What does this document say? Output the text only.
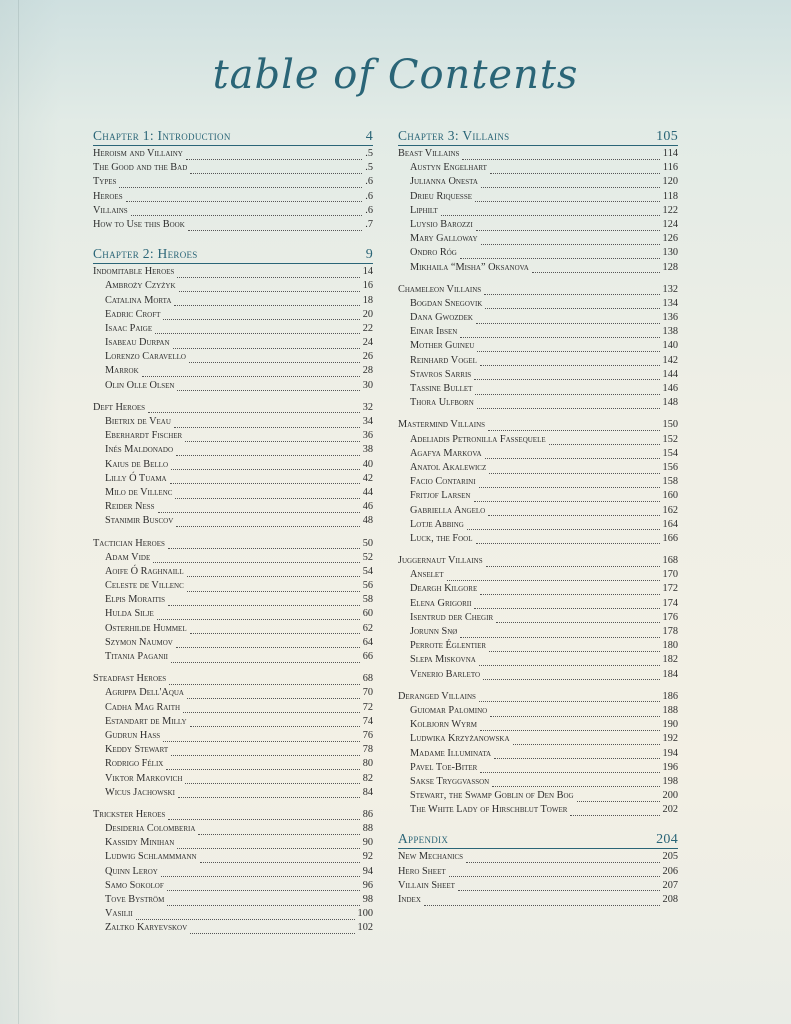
table of Contents
Chapter 1: Introduction	4
Heroism and Villainy	.5
The Good and the Bad	.5
Types	.6
Heroes	.6
Villains	.6
How to Use this Book	.7
Chapter 2: Heroes	9
Indomitable Heroes	14
Ambroży Czyżyk	16
Catalina Morta	18
Eadric Croft	20
Isaac Paige	22
Isabeau Durpan	24
Lorenzo Caravello	26
Marrok	28
Olin Olle Olsen	30
Deft Heroes	32
Bietrix de Veau	34
Eberhardt Fischer	36
Inés Maldonado	38
Kaius de Bello	40
Lilly Ó Tuama	42
Milo de Villenc	44
Reider Ness	46
Stanimir Buscov	48
Tactician Heroes	50
Adam Vide	52
Aoife Ó Raghnaill	54
Celeste de Villenc	56
Elpis Moraitis	58
Hulda Silje	60
Osterhilde Hummel	62
Szymon Naumov	64
Titania Paganii	66
Steadfast Heroes	68
Agrippa Dell'Aqua	70
Cadha Mag Raith	72
Estandart de Milly	74
Gudrun Hass	76
Keddy Stewart	78
Rodrigo Félix	80
Viktor Markovich	82
Wicus Jachowski	84
Trickster Heroes	86
Desideria Colomberia	88
Kassidy Minihan	90
Ludwig Schlammmann	92
Quinn Leroy	94
Samo Sokolof	96
Tove Byström	98
Vasilii	100
Zaltko Karyevskov	102
Chapter 3: Villains	105
Beast Villains	114
Austyn Engelhart	116
Julianna Onesta	120
Drieu Riquesse	118
Liphilt	122
Luysio Barozzi	124
Mary Galloway	126
Ondro Róg	130
Mikhaila “Misha” Oksanova	128
Chameleon Villains	132
Bogdan Snegovik	134
Dana Gwozdek	136
Einar Ibsen	138
Mother Guineu	140
Reinhard Vogel	142
Stavros Sarris	144
Tassine Bullet	146
Thora Ulfborn	148
Mastermind Villains	150
Adeliadis Petronilla Fassequele	152
Agafya Markova	154
Anatol Akalewicz	156
Facio Contarini	158
Fritjof Larsen	160
Gabriella Angelo	162
Lotje Abbing	164
Luck, the Fool	166
Juggernaut Villains	168
Anselet	170
Deargh Kilgore	172
Elena Grigorii	174
Isentrud der Chegir	176
Jorunn Snø	178
Perrote Églentier	180
Slepa Miskovna	182
Venerio Barleto	184
Deranged Villains	186
Guiomar Palomino	188
Kolbjorn Wyrm	190
Ludwika Krzyżanowska	192
Madame Illuminata	194
Pavel Toe-Biter	196
Sakse Tryggvasson	198
Stewart, the Swamp Goblin of Den Bog	200
The White Lady of Hirschblut Tower	202
Appendix	204
New Mechanics	205
Hero Sheet	206
Villain Sheet	207
Index	208
